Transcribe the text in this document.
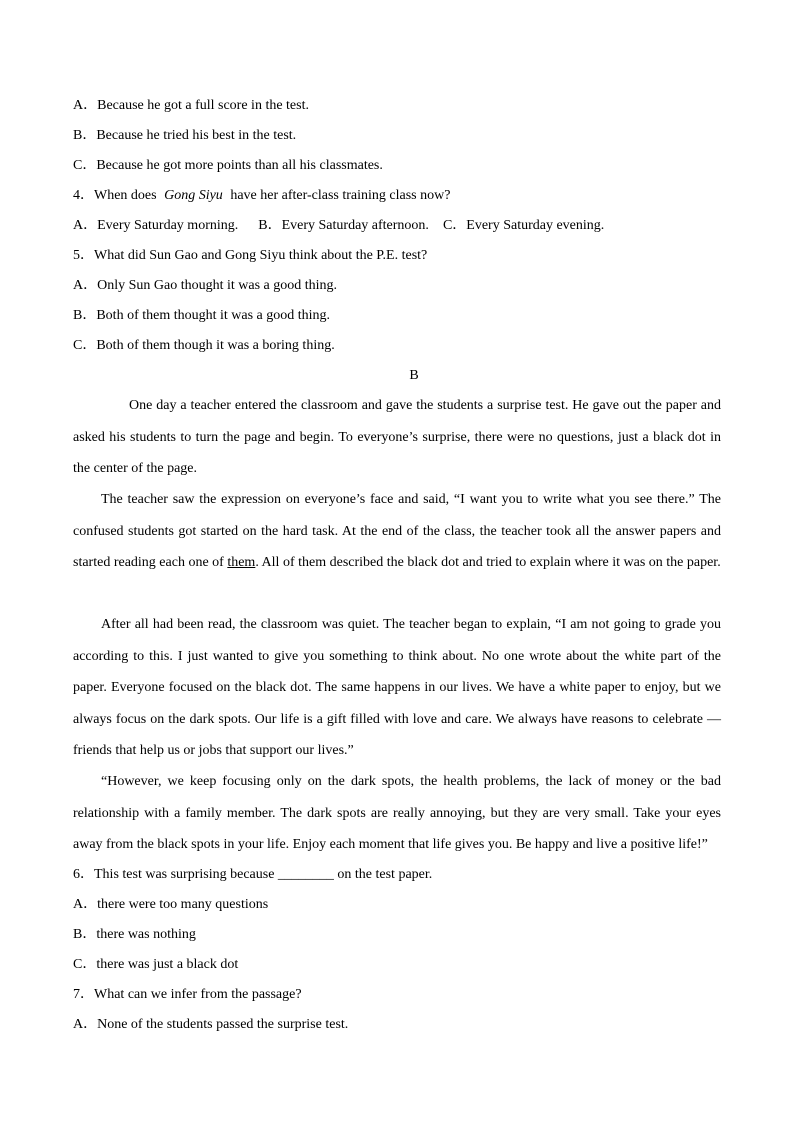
A．Because he got a full score in the test.
B．Because he tried his best in the test.
C．Because he got more points than all his classmates.
4．When does Gong Siyu have her after-class training class now?
A．Every Saturday morning. B．Every Saturday afternoon. C．Every Saturday evening.
5．What did Sun Gao and Gong Siyu think about the P.E. test?
A．Only Sun Gao thought it was a good thing.
B．Both of them thought it was a good thing.
C．Both of them though it was a boring thing.
B
One day a teacher entered the classroom and gave the students a surprise test. He gave out the paper and asked his students to turn the page and begin. To everyone’s surprise, there were no questions, just a black dot in the center of the page.
The teacher saw the expression on everyone’s face and said, “I want you to write what you see there.” The confused students got started on the hard task. At the end of the class, the teacher took all the answer papers and started reading each one of them. All of them described the black dot and tried to explain where it was on the paper.
After all had been read, the classroom was quiet. The teacher began to explain, “I am not going to grade you according to this. I just wanted to give you something to think about. No one wrote about the white part of the paper. Everyone focused on the black dot. The same happens in our lives. We have a white paper to enjoy, but we always focus on the dark spots. Our life is a gift filled with love and care. We always have reasons to celebrate — friends that help us or jobs that support our lives.”
“However, we keep focusing only on the dark spots, the health problems, the lack of money or the bad relationship with a family member. The dark spots are really annoying, but they are very small. Take your eyes away from the black spots in your life. Enjoy each moment that life gives you. Be happy and live a positive life!”
6．This test was surprising because ________ on the test paper.
A．there were too many questions
B．there was nothing
C．there was just a black dot
7．What can we infer from the passage?
A．None of the students passed the surprise test.
